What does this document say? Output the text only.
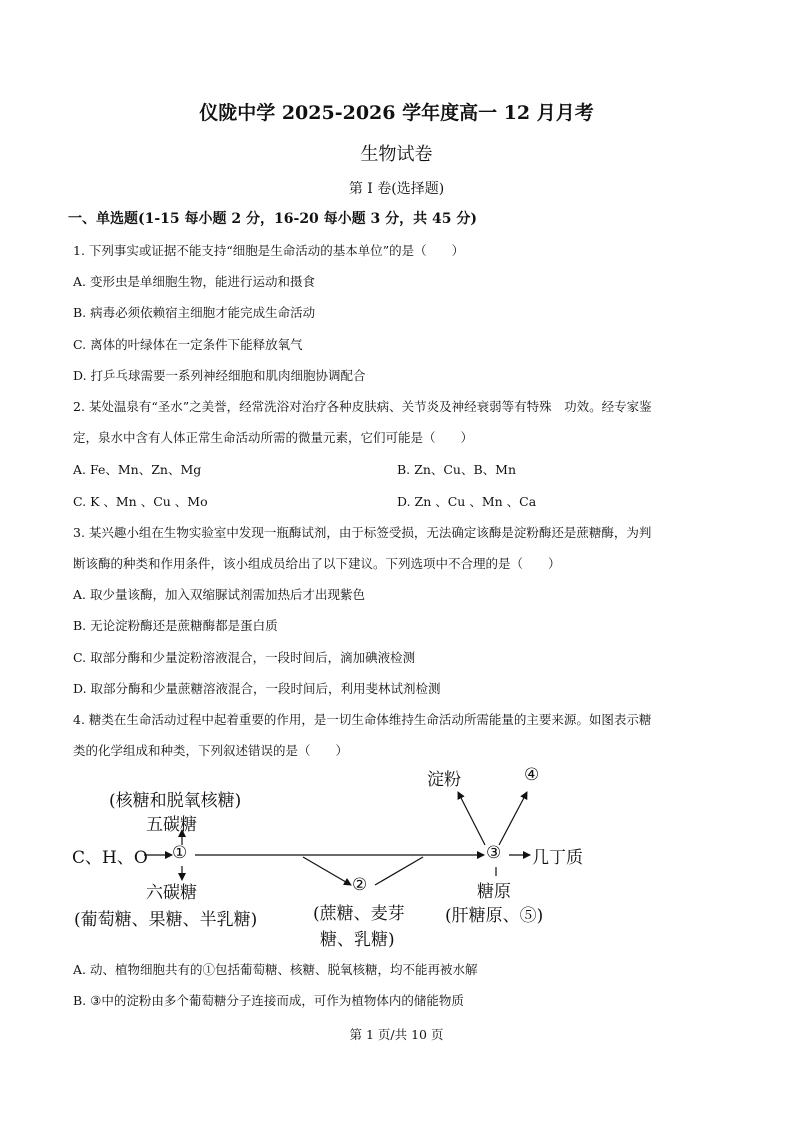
仪陇中学 2025-2026 学年度高一 12 月月考
生物试卷
第 I 卷(选择题)
一、单选题(1-15 每小题 2 分，16-20 每小题 3 分，共 45 分)
1. 下列事实或证据不能支持“细胞是生命活动的基本单位”的是（　　）
A. 变形虫是单细胞生物，能进行运动和摄食
B. 病毒必须依赖宿主细胞才能完成生命活动
C. 离体的叶绿体在一定条件下能释放氧气
D. 打乒乓球需要一系列神经细胞和肌肉细胞协调配合
2. 某处温泉有“圣水”之美誉，经常洗浴对治疗各种皮肤病、关节炎及神经衰弱等有特殊　功效。经专家鉴
定，泉水中含有人体正常生命活动所需的微量元素，它们可能是（　　）
A. Fe、Mn、Zn、Mg	B. Zn、Cu、B、Mn
C. K 、Mn 、Cu 、Mo	D. Zn 、Cu 、Mn 、Ca
3. 某兴趣小组在生物实验室中发现一瓶酶试剂，由于标签受损，无法确定该酶是淀粉酶还是蔗糖酶，为判
断该酶的种类和作用条件，该小组成员给出了以下建议。下列选项中不合理的是（　　）
A. 取少量该酶，加入双缩脲试剂需加热后才出现紫色
B. 无论淀粉酶还是蔗糖酶都是蛋白质
C. 取部分酶和少量淀粉溶液混合，一段时间后，滴加碘液检测
D. 取部分酶和少量蔗糖溶液混合，一段时间后，利用斐林试剂检测
4. 糖类在生命活动过程中起着重要的作用，是一切生命体维持生命活动所需能量的主要来源。如图表示糖
类的化学组成和种类，下列叙述错误的是（　　）
淀粉	④
(核糖和脱氧核糖)
五碳糖
C、H、O ①	③ 几丁质
六碳糖	②	糖原
(葡萄糖、果糖、半乳糖)	(蔗糖、麦芽 (肝糖原、⑤)
糖、乳糖)
A. 动、植物细胞共有的①包括葡萄糖、核糖、脱氧核糖，均不能再被水解
B. ③中的淀粉由多个葡萄糖分子连接而成，可作为植物体内的储能物质
第 1 页/共 10 页
